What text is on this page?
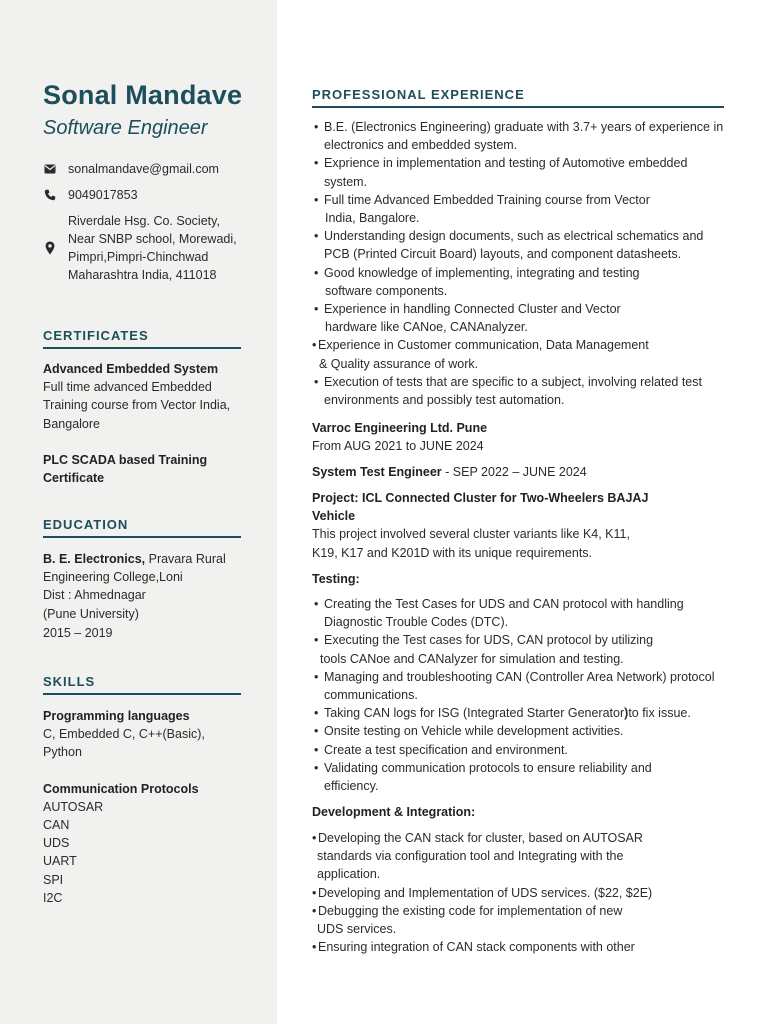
Sonal Mandave
Software Engineer
sonalmandave@gmail.com
9049017853
Riverdale Hsg. Co. Society,
Near SNBP school, Morewadi,
Pimpri,Pimpri-Chinchwad
Maharashtra India, 411018
CERTIFICATES
Advanced Embedded System
Full time advanced Embedded
Training course from Vector India,
Bangalore
PLC SCADA based Training
Certificate
EDUCATION
B. E. Electronics, Pravara Rural
Engineering College,Loni
Dist : Ahmednagar
(Pune University)
2015 – 2019
SKILLS
Programming languages
C, Embedded C, C++(Basic),
Python
Communication Protocols
AUTOSAR
CAN
UDS
UART
SPI
I2C
PROFESSIONAL EXPERIENCE
• B.E. (Electronics Engineering) graduate with 3.7+ years of experience in
electronics and embedded system.
• Exprience in implementation and testing of Automotive embedded
system.
• Full time Advanced Embedded Training course from Vector
India, Bangalore.
• Understanding design documents, such as electrical schematics and
PCB (Printed Circuit Board) layouts, and component datasheets.
• Good knowledge of implementing, integrating and testing
software components.
• Experience in handling Connected Cluster and Vector
hardware like CANoe, CANAnalyzer.
• Experience in Customer communication, Data Management
& Quality assurance of work.
• Execution of tests that are specific to a subject, involving related test
environments and possibly test automation.
Varroc Engineering Ltd. Pune
From AUG 2021 to JUNE 2024
System Test Engineer - SEP 2022 – JUNE 2024
Project: ICL Connected Cluster for Two-Wheelers BAJAJ
Vehicle
This project involved several cluster variants like K4, K11,
K19, K17 and K201D with its unique requirements.
Testing:
• Creating the Test Cases for UDS and CAN protocol with handling
Diagnostic Trouble Codes (DTC).
• Executing the Test cases for UDS, CAN protocol by utilizing
tools CANoe and CANalyzer for simulation and testing.
• Managing and troubleshooting CAN (Controller Area Network) protocol
communications.
• Taking CAN logs for ISG (Integrated Starter Generator)to fix issue.
• Onsite testing on Vehicle while development activities.
• Create a test specification and environment.
• Validating communication protocols to ensure reliability and
efficiency.
Development & Integration:
• Developing the CAN stack for cluster, based on AUTOSAR
standards via configuration tool and Integrating with the
application.
• Developing and Implementation of UDS services. ($22, $2E)
• Debugging the existing code for implementation of new
UDS services.
• Ensuring integration of CAN stack components with other
